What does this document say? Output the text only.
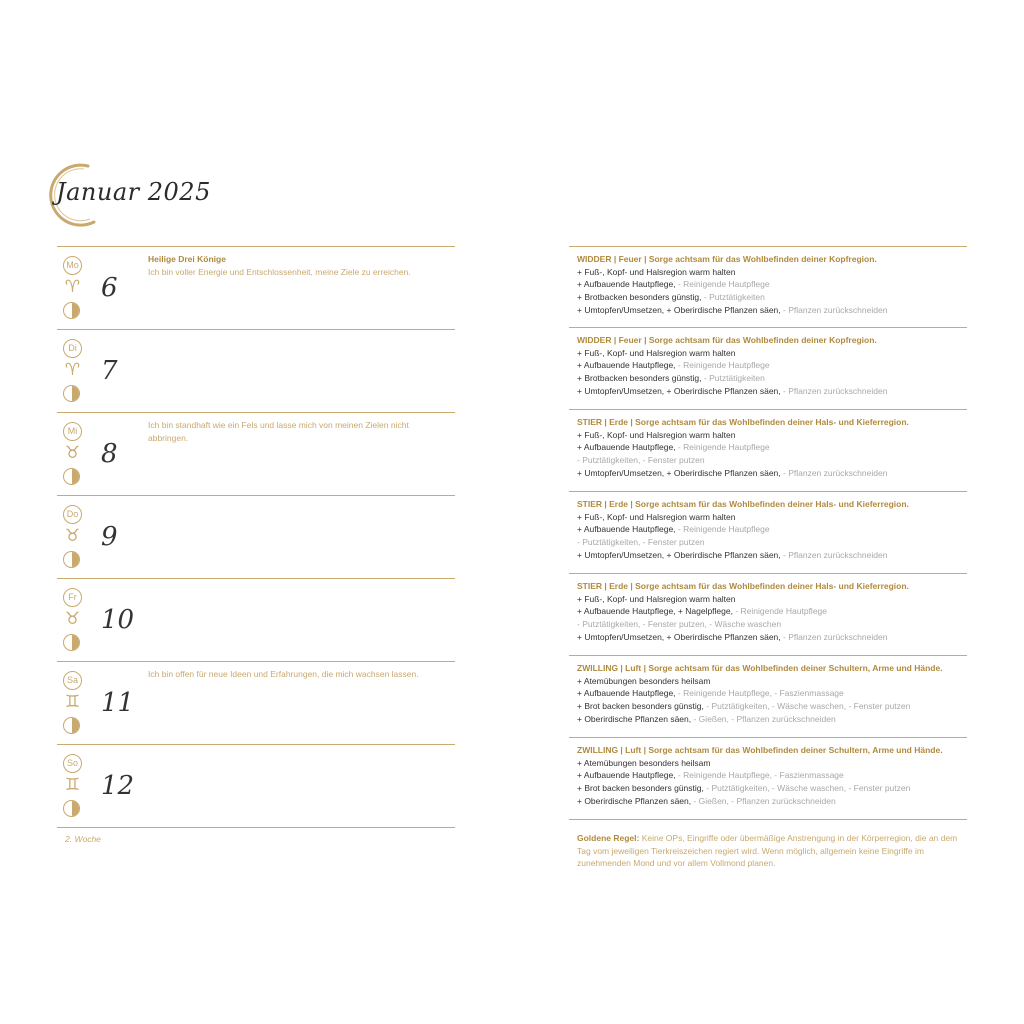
Januar 2025
Mo
♈ 6
Heilige Drei Könige
Ich bin voller Energie und Entschlossenheit, meine Ziele zu erreichen.
Di
♈ 7
Mi
♉ 8
Ich bin standhaft wie ein Fels und lasse mich von meinen Zielen nicht abbringen.
Do
♉ 9
Fr
♉ 10
Sa
♊ 11
Ich bin offen für neue Ideen und Erfahrungen, die mich wachsen lassen.
So
♊ 12
WIDDER | Feuer | Sorge achtsam für das Wohlbefinden deiner Kopfregion.
+ Fuß-, Kopf- und Halsregion warm halten
+ Aufbauende Hautpflege, - Reinigende Hautpflege
+ Brotbacken besonders günstig, - Putztätigkeiten
+ Umtopfen/Umsetzen, + Oberirdische Pflanzen säen, - Pflanzen zurückschneiden
WIDDER | Feuer | Sorge achtsam für das Wohlbefinden deiner Kopfregion.
+ Fuß-, Kopf- und Halsregion warm halten
+ Aufbauende Hautpflege, - Reinigende Hautpflege
+ Brotbacken besonders günstig, - Putztätigkeiten
+ Umtopfen/Umsetzen, + Oberirdische Pflanzen säen, - Pflanzen zurückschneiden
STIER | Erde | Sorge achtsam für das Wohlbefinden deiner Hals- und Kieferregion.
+ Fuß-, Kopf- und Halsregion warm halten
+ Aufbauende Hautpflege, - Reinigende Hautpflege
- Putztätigkeiten, - Fenster putzen
+ Umtopfen/Umsetzen, + Oberirdische Pflanzen säen, - Pflanzen zurückschneiden
STIER | Erde | Sorge achtsam für das Wohlbefinden deiner Hals- und Kieferregion.
+ Fuß-, Kopf- und Halsregion warm halten
+ Aufbauende Hautpflege, - Reinigende Hautpflege
- Putztätigkeiten, - Fenster putzen
+ Umtopfen/Umsetzen, + Oberirdische Pflanzen säen, - Pflanzen zurückschneiden
STIER | Erde | Sorge achtsam für das Wohlbefinden deiner Hals- und Kieferregion.
+ Fuß-, Kopf- und Halsregion warm halten
+ Aufbauende Hautpflege, + Nagelpflege, - Reinigende Hautpflege
- Putztätigkeiten, - Fenster putzen, - Wäsche waschen
+ Umtopfen/Umsetzen, + Oberirdische Pflanzen säen, - Pflanzen zurückschneiden
ZWILLING | Luft | Sorge achtsam für das Wohlbefinden deiner Schultern, Arme und Hände.
+ Atemübungen besonders heilsam
+ Aufbauende Hautpflege, - Reinigende Hautpflege, - Faszienmassage
+ Brot backen besonders günstig, - Putztätigkeiten, - Wäsche waschen, - Fenster putzen
+ Oberirdische Pflanzen säen, - Gießen, - Pflanzen zurückschneiden
ZWILLING | Luft | Sorge achtsam für das Wohlbefinden deiner Schultern, Arme und Hände.
+ Atemübungen besonders heilsam
+ Aufbauende Hautpflege, - Reinigende Hautpflege, - Faszienmassage
+ Brot backen besonders günstig, - Putztätigkeiten, - Wäsche waschen, - Fenster putzen
+ Oberirdische Pflanzen säen, - Gießen, - Pflanzen zurückschneiden
2. Woche	Goldene Regel: Keine OPs, Eingriffe oder übermäßige Anstrengung in der Körperregion, die an dem Tag vom jeweiligen Tierkreiszeichen regiert wird. Wenn möglich, allgemein keine Eingriffe im zunehmenden Mond und vor allem Vollmond planen.
